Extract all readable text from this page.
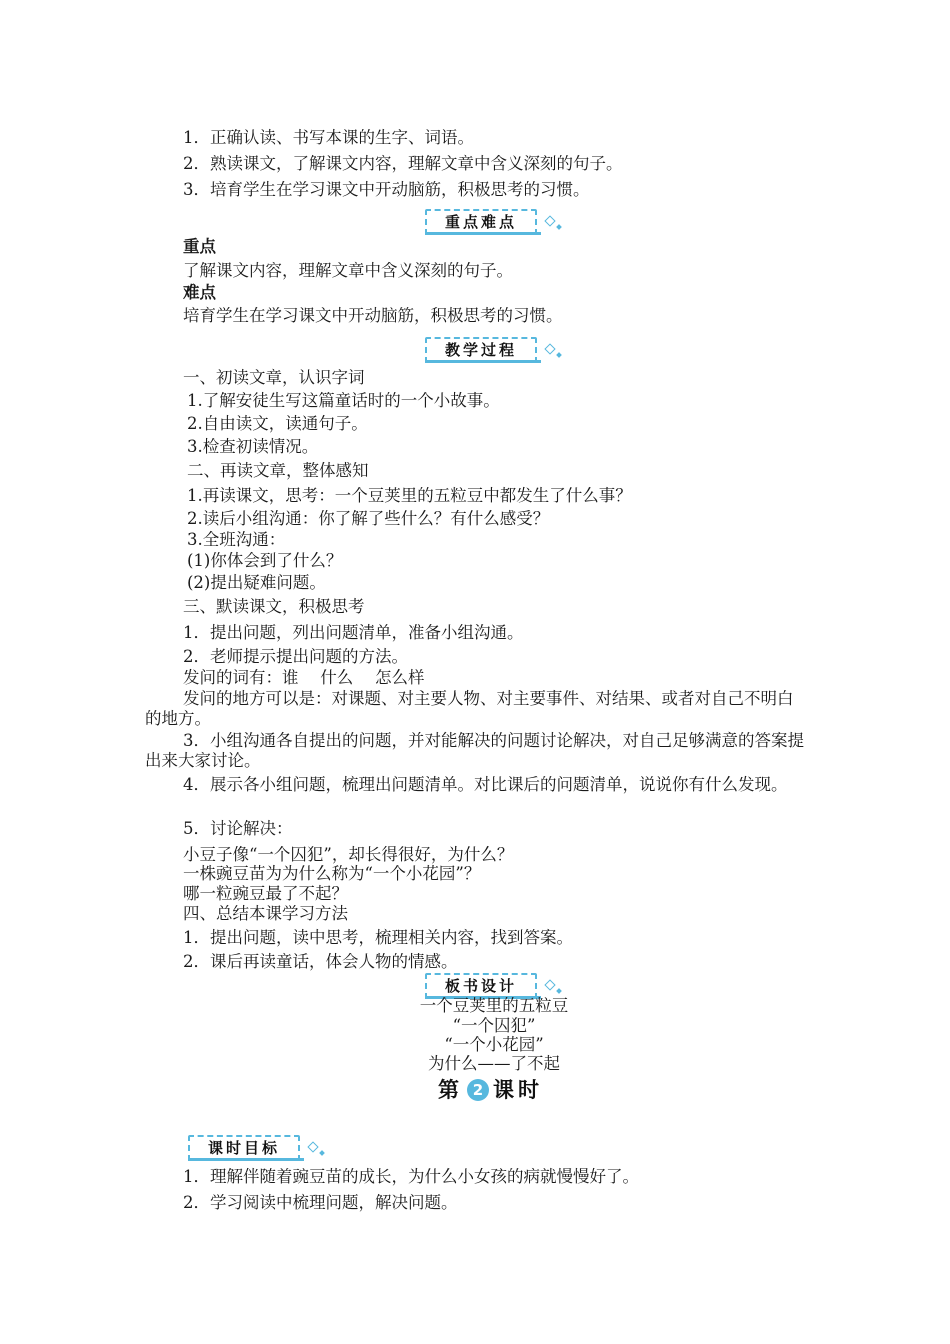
1．正确认读、书写本课的生字、词语。
2．熟读课文，了解课文内容，理解文章中含义深刻的句子。
3．培育学生在学习课文中开动脑筋，积极思考的习惯。
重点难点
重点
了解课文内容，理解文章中含义深刻的句子。
难点
培育学生在学习课文中开动脑筋，积极思考的习惯。
教学过程
一、初读文章，认识字词
1.了解安徒生写这篇童话时的一个小故事。
2.自由读文，读通句子。
3.检查初读情况。
二、再读文章，整体感知
1.再读课文，思考：一个豆荚里的五粒豆中都发生了什么事？
2.读后小组沟通：你了解了些什么？有什么感受？
3.全班沟通：
(1)你体会到了什么？
(2)提出疑难问题。
三、默读课文，积极思考
1．提出问题，列出问题清单，准备小组沟通。
2．老师提示提出问题的方法。
发问的词有：谁　 什么　 怎么样
发问的地方可以是：对课题、对主要人物、对主要事件、对结果、或者对自己不明白的地方。
3．小组沟通各自提出的问题，并对能解决的问题讨论解决，对自己足够满意的答案提出来大家讨论。
4．展示各小组问题，梳理出问题清单。对比课后的问题清单，说说你有什么发现。
5．讨论解决：
小豆子像“一个囚犯”，却长得很好，为什么？
一株豌豆苗为为什么称为“一个小花园”？
哪一粒豌豆最了不起？
四、总结本课学习方法
1．提出问题，读中思考，梳理相关内容，找到答案。
2．课后再读童话，体会人物的情感。
板书设计
一个豆荚里的五粒豆
“一个囚犯”
“一个小花园”
为什么——了不起
第 2 课时
课时目标
1．理解伴随着豌豆苗的成长，为什么小女孩的病就慢慢好了。
2．学习阅读中梳理问题，解决问题。
